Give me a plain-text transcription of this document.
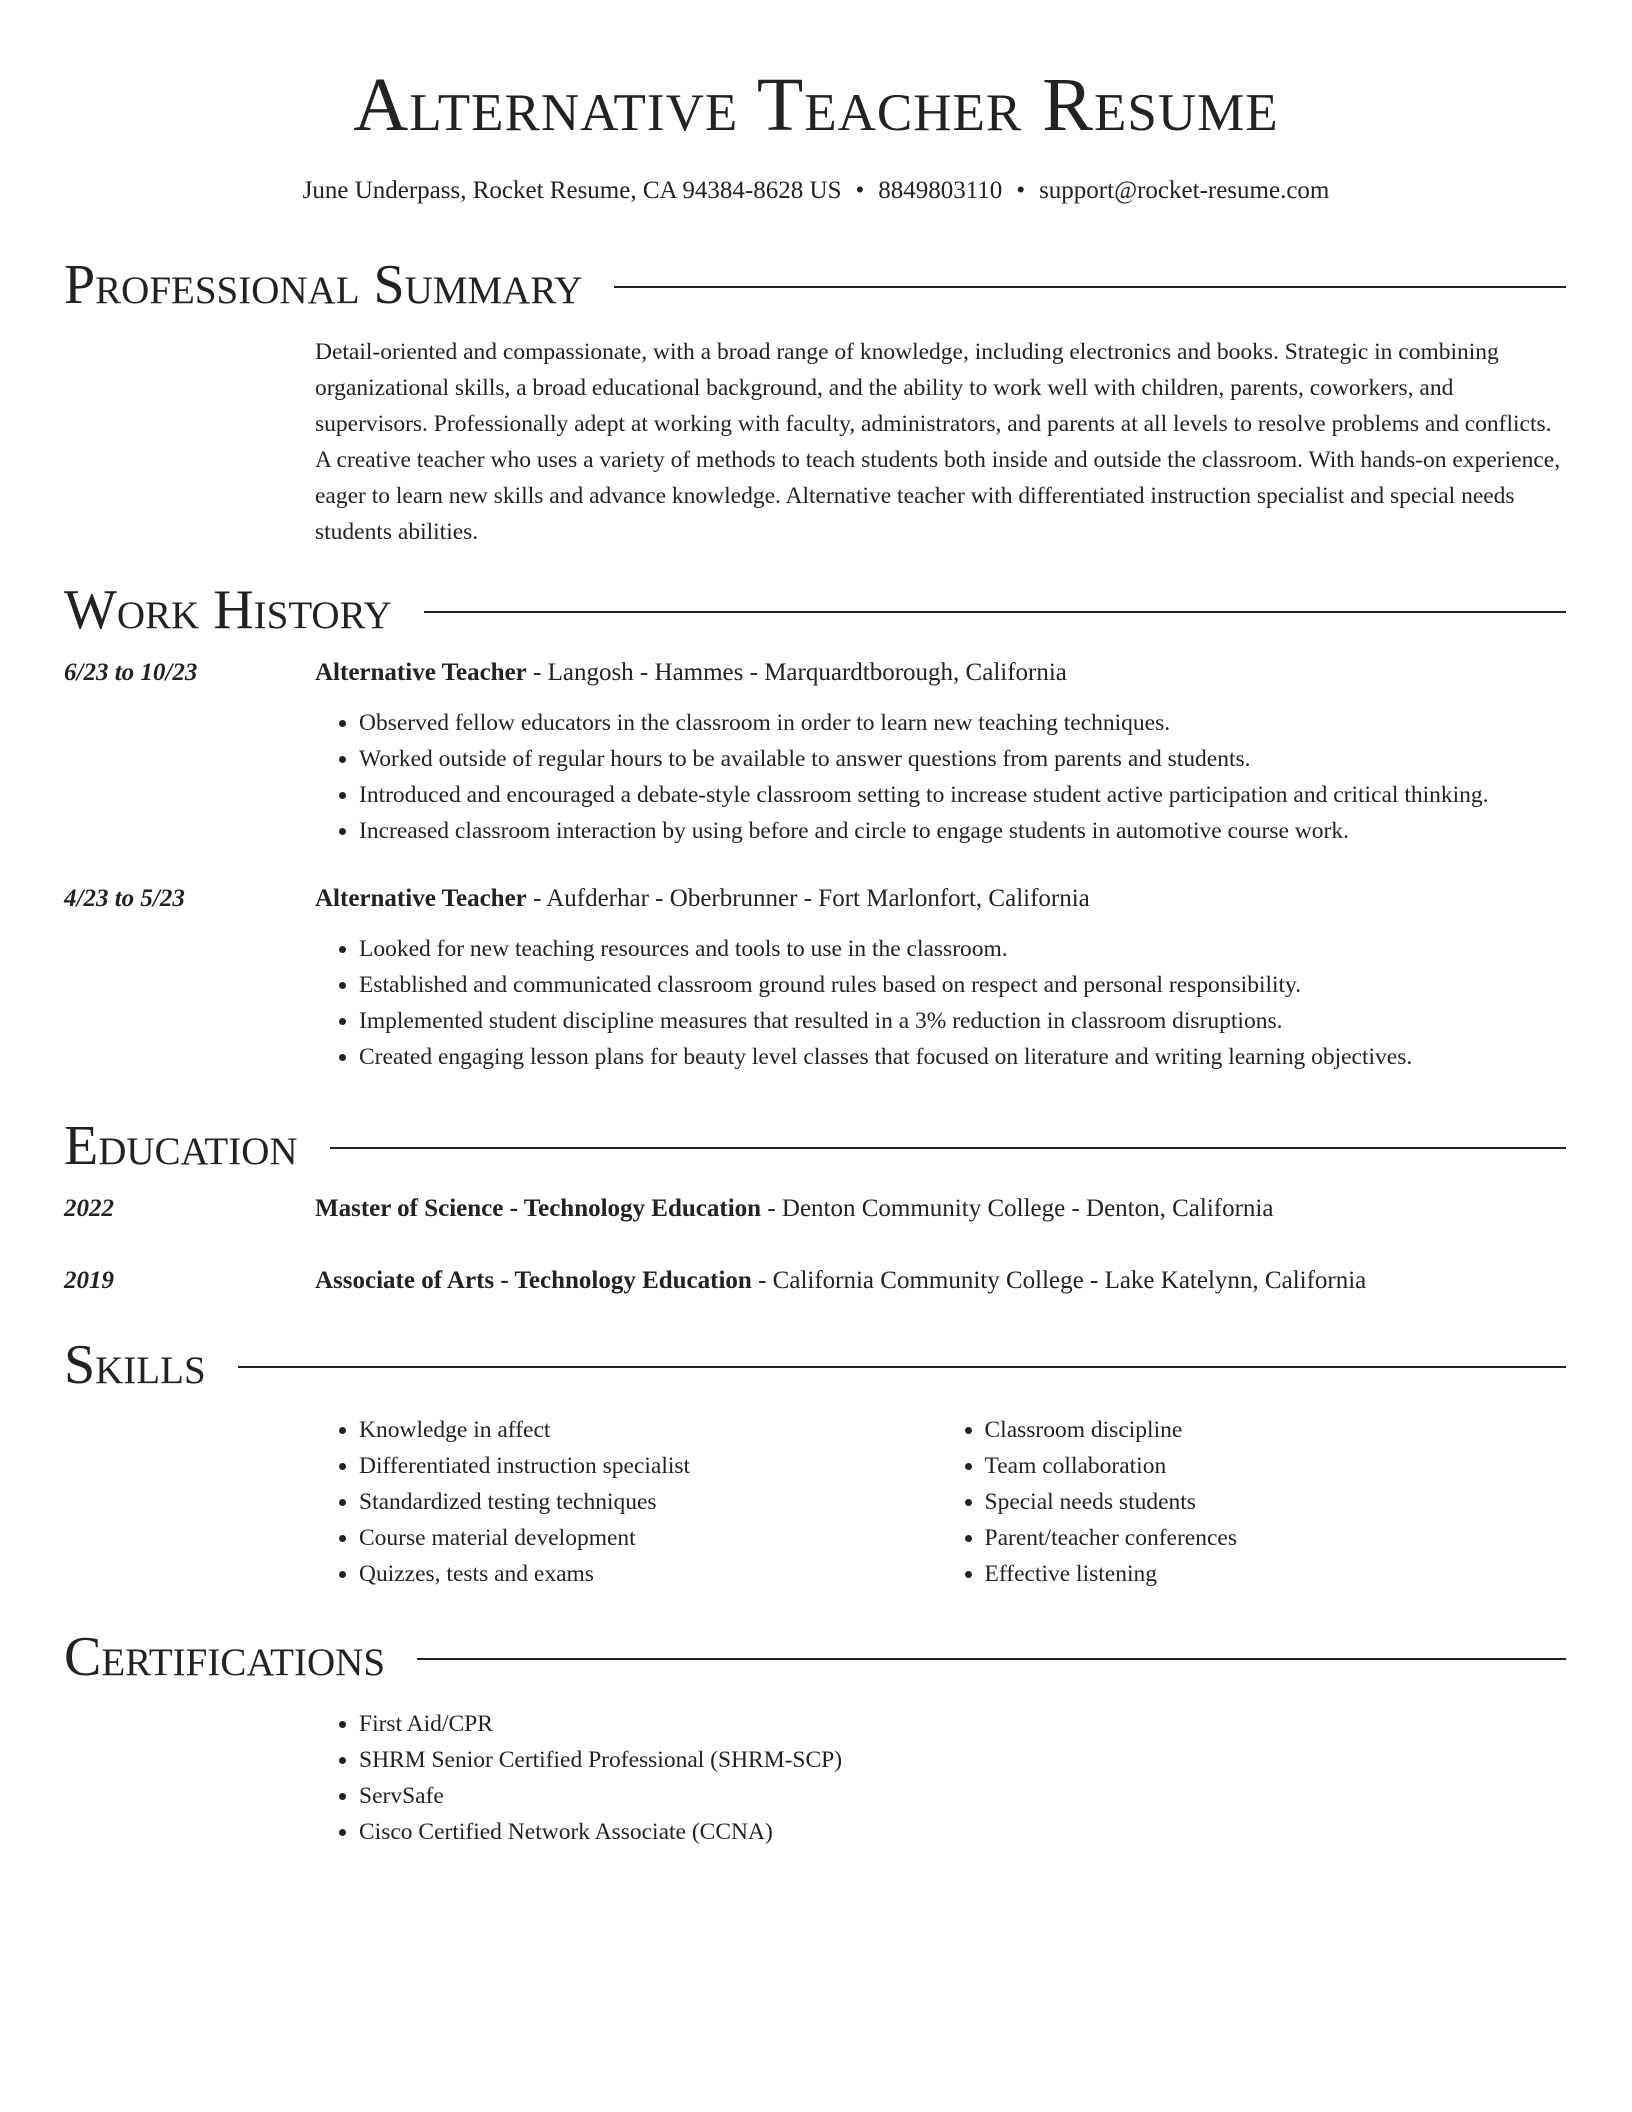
Alternative Teacher Resume
June Underpass, Rocket Resume, CA 94384-8628 US • 8849803110 • support@rocket-resume.com
Professional Summary
Detail-oriented and compassionate, with a broad range of knowledge, including electronics and books. Strategic in combining organizational skills, a broad educational background, and the ability to work well with children, parents, coworkers, and supervisors. Professionally adept at working with faculty, administrators, and parents at all levels to resolve problems and conflicts. A creative teacher who uses a variety of methods to teach students both inside and outside the classroom. With hands-on experience, eager to learn new skills and advance knowledge. Alternative teacher with differentiated instruction specialist and special needs students abilities.
Work History
6/23 to 10/23	Alternative Teacher - Langosh - Hammes - Marquardtborough, California
• Observed fellow educators in the classroom in order to learn new teaching techniques.
• Worked outside of regular hours to be available to answer questions from parents and students.
• Introduced and encouraged a debate-style classroom setting to increase student active participation and critical thinking.
• Increased classroom interaction by using before and circle to engage students in automotive course work.
4/23 to 5/23	Alternative Teacher - Aufderhar - Oberbrunner - Fort Marlonfort, California
• Looked for new teaching resources and tools to use in the classroom.
• Established and communicated classroom ground rules based on respect and personal responsibility.
• Implemented student discipline measures that resulted in a 3% reduction in classroom disruptions.
• Created engaging lesson plans for beauty level classes that focused on literature and writing learning objectives.
Education
2022	Master of Science - Technology Education - Denton Community College - Denton, California
2019	Associate of Arts - Technology Education - California Community College - Lake Katelynn, California
Skills
• Knowledge in affect
• Differentiated instruction specialist
• Standardized testing techniques
• Course material development
• Quizzes, tests and exams
• Classroom discipline
• Team collaboration
• Special needs students
• Parent/teacher conferences
• Effective listening
Certifications
• First Aid/CPR
• SHRM Senior Certified Professional (SHRM-SCP)
• ServSafe
• Cisco Certified Network Associate (CCNA)
